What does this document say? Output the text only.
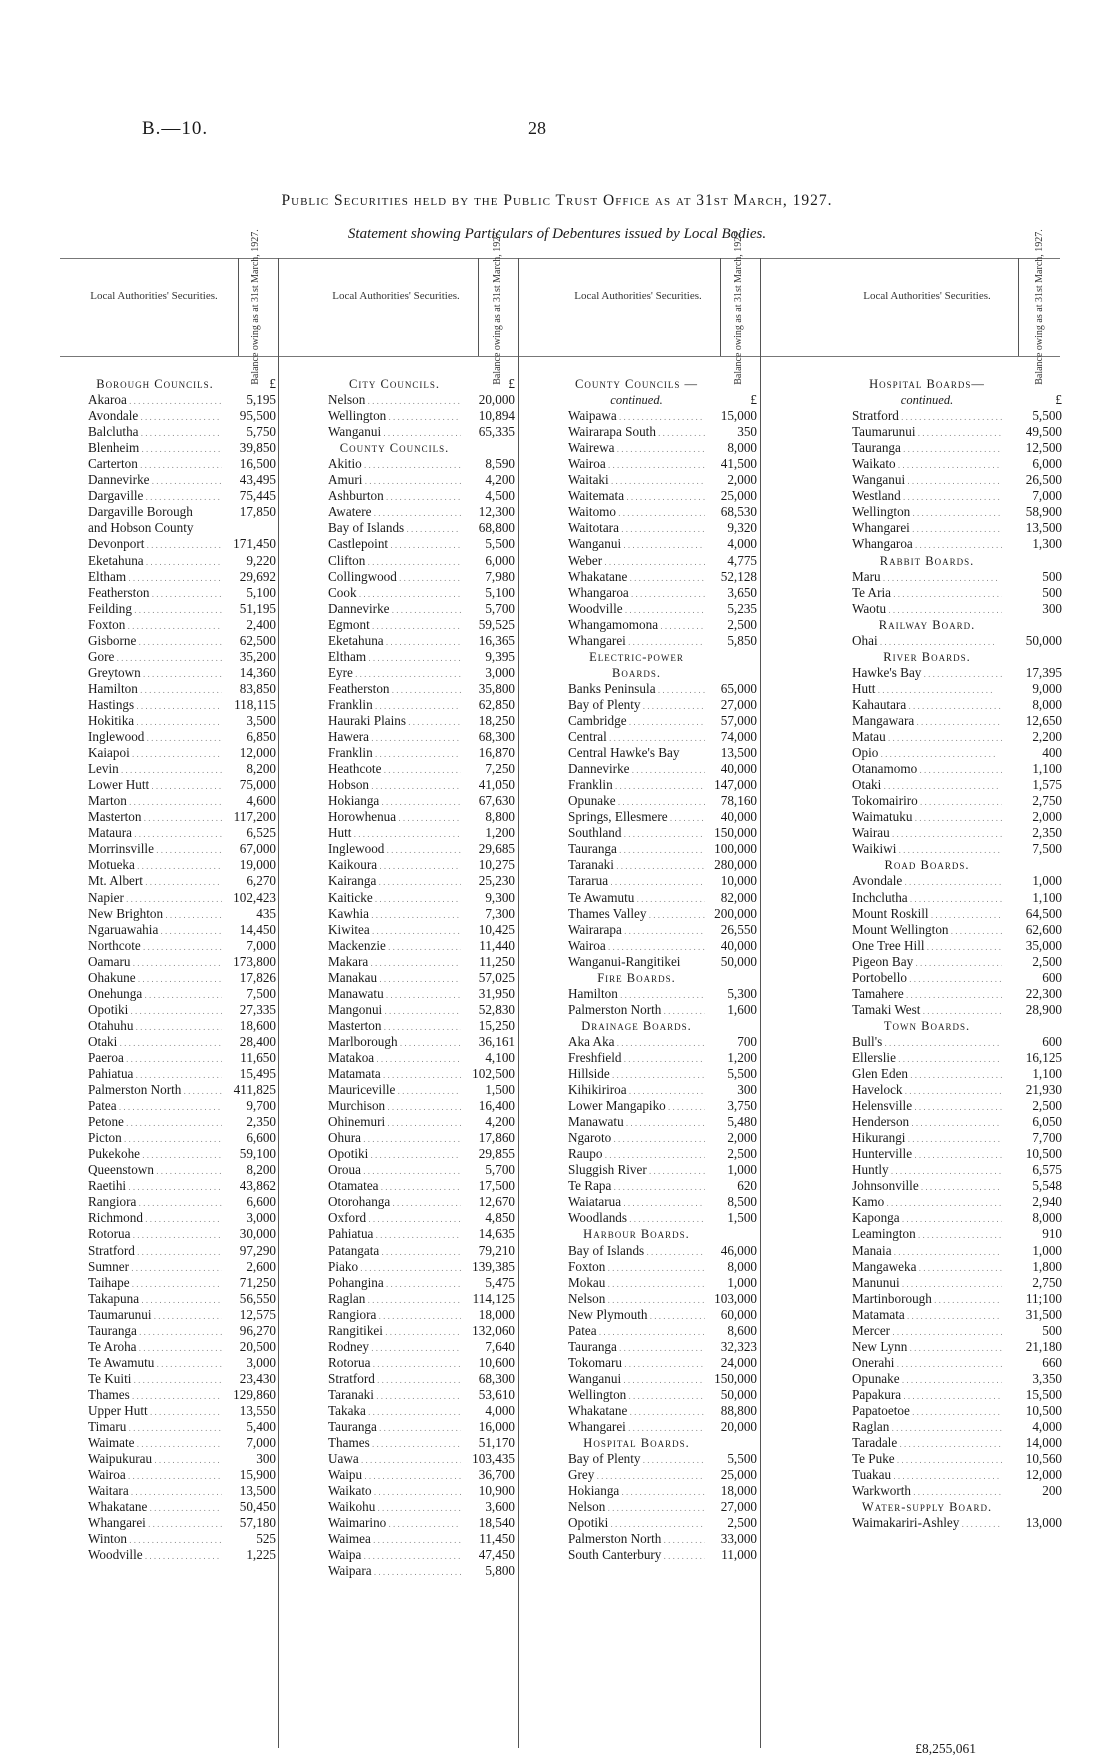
B.—10.	28
Public Securities held by the Public Trust Office as at 31st March, 1927.
Statement showing Particulars of Debentures issued by Local Bodies.
Local Authorities' Securities.	Local Authorities' Securities.	Local Authorities' Securities.	Local Authorities' Securities.
Balance owing as at 31st March, 1927.	Balance owing as at 31st March, 1927.	Balance owing as at 31st March, 1927.	Balance owing as at 31st March, 1927.
Borough Councils.	£
Akaroa . .	5,195
Avondale . .	95,500
Balclutha . .	5,750
Blenheim . .	39,850
Carterton . .	16,500
Dannevirke . .	43,495
Dargaville . .	75,445
Dargaville Borough	17,850
and Hobson County
Devonport . .	171,450
Eketahuna . .	9,220
Eltham . .	29,692
Featherston . .	5,100
Feilding . .	51,195
Foxton . .	2,400
Gisborne . .	62,500
Gore . .	35,200
Greytown . .	14,360
Hamilton . .	83,850
Hastings . .	118,115
Hokitika . .	3,500
Inglewood . .	6,850
Kaiapoi . .	12,000
Levin . .	8,200
Lower Hutt . .	75,000
Marton . .	4,600
Masterton . .	117,200
Mataura . .	6,525
Morrinsville . .	67,000
Motueka . .	19,000
Mt. Albert . .	6,270
Napier . .	102,423
New Brighton . .	435
Ngaruawahia . .	14,450
Northcote . .	7,000
Oamaru . .	173,800
Ohakune . .	17,826
Onehunga . .	7,500
Opotiki . .	27,335
Otahuhu . .	18,600
Otaki . .	28,400
Paeroa . .	11,650
Pahiatua . .	15,495
Palmerston North . .	411,825
Patea . .	9,700
Petone . .	2,350
Picton . .	6,600
Pukekohe . .	59,100
Queenstown . .	8,200
Raetihi . .	43,862
Rangiora . .	6,600
Richmond . .	3,000
Rotorua . .	30,000
Stratford . .	97,290
Sumner . .	2,600
Taihape . .	71,250
Takapuna . .	56,550
Taumarunui . .	12,575
Tauranga . .	96,270
Te Aroha . .	20,500
Te Awamutu . .	3,000
Te Kuiti . .	23,430
Thames . .	129,860
Upper Hutt . .	13,550
Timaru . .	5,400
Waimate . .	7,000
Waipukurau . .	300
Wairoa . .	15,900
Waitara . .	13,500
Whakatane . .	50,450
Whangarei . .	57,180
Winton . .	525
Woodville . .	1,225
City Councils.	£
Nelson . .	20,000
Wellington . .	10,894
Wanganui . .	65,335
County Councils.
Akitio . .	8,590
Amuri . .	4,200
Ashburton . .	4,500
Awatere . .	12,300
Bay of Islands . .	68,800
Castlepoint . .	5,500
Clifton . .	6,000
Collingwood . .	7,980
Cook . .	5,100
Dannevirke . .	5,700
Egmont . .	59,525
Eketahuna . .	16,365
Eltham . .	9,395
Eyre . .	3,000
Featherston . .	35,800
Franklin . .	62,850
Hauraki Plains . .	18,250
Hawera . .	68,300
Franklin . .	16,870
Heathcote . .	7,250
Hobson . .	41,050
Hokianga . .	67,630
Horowhenua . .	8,800
Hutt . .	1,200
Inglewood . .	29,685
Kaikoura . .	10,275
Kairanga . .	25,230
Kaiticke . .	9,300
Kawhia . .	7,300
Kiwitea . .	10,425
Mackenzie . .	11,440
Makara . .	11,250
Manakau . .	57,025
Manawatu . .	31,950
Mangonui . .	52,830
Masterton . .	15,250
Marlborough . .	36,161
Matakoa . .	4,100
Matamata . .	102,500
Mauriceville . .	1,500
Murchison . .	16,400
Ohinemuri . .	4,200
Ohura . .	17,860
Opotiki . .	29,855
Oroua . .	5,700
Otamatea . .	17,500
Otorohanga . .	12,670
Oxford . .	4,850
Pahiatua . .	14,635
Patangata . .	79,210
Piako . .	139,385
Pohangina . .	5,475
Raglan . .	114,125
Rangiora . .	18,000
Rangitikei . .	132,060
Rodney . .	7,640
Rotorua . .	10,600
Stratford . .	68,300
Taranaki . .	53,610
Takaka . .	4,000
Tauranga . .	16,000
Thames . .	51,170
Uawa . .	103,435
Waipu . .	36,700
Waikato . .	10,900
Waikohu . .	3,600
Waimarino . .	18,540
Waimea . .	11,450
Waipa . .	47,450
Waipara . .	5,800
County Councils —
continued.	£
Waipawa . .	15,000
Wairarapa South . .	350
Wairewa . .	8,000
Wairoa . .	41,500
Waitaki . .	2,000
Waitemata . .	25,000
Waitomo . .	68,530
Waitotara . .	9,320
Wanganui . .	4,000
Weber . .	4,775
Whakatane . .	52,128
Whangaroa . .	3,650
Woodville . .	5,235
Whangamomona . .	2,500
Whangarei . .	5,850
Electric-power
Boards.
Banks Peninsula . .	65,000
Bay of Plenty . .	27,000
Cambridge . .	57,000
Central . .	74,000
Central Hawke's Bay	13,500
Dannevirke . .	40,000
Franklin . .	147,000
Opunake . .	78,160
Springs, Ellesmere . .	40,000
Southland . .	150,000
Tauranga . .	100,000
Taranaki . .	280,000
Tararua . .	10,000
Te Awamutu . .	82,000
Thames Valley . .	200,000
Wairarapa . .	26,550
Wairoa . .	40,000
Wanganui-Rangitikei	50,000
Fire Boards.
Hamilton . .	5,300
Palmerston North . .	1,600
Drainage Boards.
Aka Aka . .	700
Freshfield . .	1,200
Hillside . .	5,500
Kihikiriroa . .	300
Lower Mangapiko . .	3,750
Manawatu . .	5,480
Ngaroto . .	2,000
Raupo . .	2,500
Sluggish River . .	1,000
Te Rapa . .	620
Waiatarua . .	8,500
Woodlands . .	1,500
Harbour Boards.
Bay of Islands . .	46,000
Foxton . .	8,000
Mokau . .	1,000
Nelson . .	103,000
New Plymouth . .	60,000
Patea . .	8,600
Tauranga . .	32,323
Tokomaru . .	24,000
Wanganui . .	150,000
Wellington . .	50,000
Whakatane . .	88,800
Whangarei . .	20,000
Hospital Boards.
Bay of Plenty . .	5,500
Grey . .	25,000
Hokianga . .	18,000
Nelson . .	27,000
Opotiki . .	2,500
Palmerston North . .	33,000
South Canterbury . .	11,000
Hospital Boards—
continued.	£
Stratford . .	5,500
Taumarunui . .	49,500
Tauranga . .	12,500
Waikato . .	6,000
Wanganui . .	26,500
Westland . .	7,000
Wellington . .	58,900
Whangarei . .	13,500
Whangaroa . .	1,300
Rabbit Boards.
Maru . .	500
Te Aria . .	500
Waotu . .	300
Railway Board.
Ohai . .	50,000
River Boards.
Hawke's Bay . .	17,395
Hutt . .	9,000
Kahautara . .	8,000
Mangawara . .	12,650
Matau . .	2,200
Opio . .	400
Otanamomo . .	1,100
Otaki . .	1,575
Tokomairiro . .	2,750
Waimatuku . .	2,000
Wairau . .	2,350
Waikiwi . .	7,500
Road Boards.
Avondale . .	1,000
Inchclutha . .	1,100
Mount Roskill . .	64,500
Mount Wellington . .	62,600
One Tree Hill . .	35,000
Pigeon Bay . .	2,500
Portobello . .	600
Tamahere . .	22,300
Tamaki West . .	28,900
Town Boards.
Bull's . .	600
Ellerslie . .	16,125
Glen Eden . .	1,100
Havelock . .	21,930
Helensville . .	2,500
Henderson . .	6,050
Hikurangi . .	7,700
Hunterville . .	10,500
Huntly . .	6,575
Johnsonville . .	5,548
Kamo . .	2,940
Kaponga . .	8,000
Leamington . .	910
Manaia . .	1,000
Mangaweka . .	1,800
Manunui . .	2,750
Martinborough . .	11;100
Matamata . .	31,500
Mercer . .	500
New Lynn . .	21,180
Onerahi . .	660
Opunake . .	3,350
Papakura . .	15,500
Papatoetoe . .	10,500
Raglan . .	4,000
Taradale . .	14,000
Te Puke . .	10,560
Tuakau . .	12,000
Warkworth . .	200
Water-supply Board.
Waimakariri-Ashley . .	13,000
£8,255,061
